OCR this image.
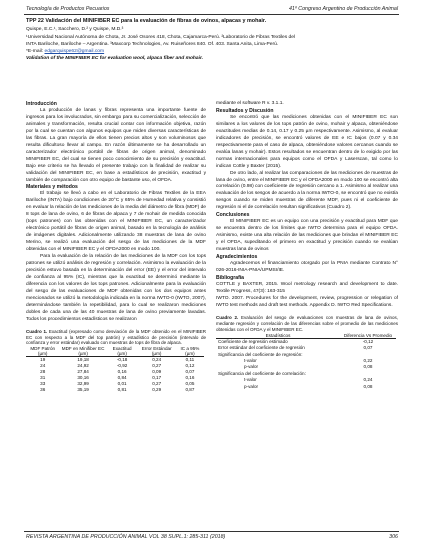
Tecnología de Productos Pecuarios	41º Congreso Argentino de Producción Animal
TPP 22 Validación del MINIFIBER EC para la evaluación de fibras de ovinos, alpacas y mohair.
Quispe, E.C.¹, Sacchero, D.² y Quispe, M.D.³
¹Universidad Nacional Autónoma de Chota, Jr. José Osores 418, Chota, Cajamarca-Perú. ²Laboratorio de Fibras Textiles del
INTA Bariloche, Bariloche – Argentina. ³Maxcorp Technologies, Av. Ruiseñores 840. Of. 403. Santa Anita, Lima-Perú.
*E-mail: edgarquispe62@gmail.com
Validation of the MINIFIBER EC for evaluation wool, alpaca fiber and mohair.
Introducción

La producción de lanas y fibras representa una importante fuente de ingresos para los involucrados, sin embargo para su comercialización, selección de animales y transformación, resulta crucial contar con información objetiva, razón por la cual se cuentan con algunos equipos que miden diversas características de las fibras. La gran mayoría de ellos tienen precios altos y son voluminosos que resulta dificultoso llevar al campo. En razón últimamente se ha desarrollado un caracterizador electrónico portátil de fibras de origen animal, denominado MINIFIBER EC, del cual se tienen poco conocimiento de su precisión y exactitud. Bajo ese criterio se ha llevado el presente trabajo con la finalidad de realizar su validación del MINIFIBER EC, en base a estadísticos de precisión, exactitud y también de comparación con otro equipo de bastante uso, el OFDA.

Materiales y métodos

El trabajo se llevó a cabo en el Laboratorio de Fibras Textiles de la EEA Bariloche (INTA) bajo condiciones de 20°C y 65% de Humedad relativa y consistió en evaluar la relación de las mediciones de la media del diámetro de fibra (MDF) de 8 tops de lana de ovino, 6 de fibras de alpaca y 7 de mohair de medida conocida (tops patrones) con las obtenidas con el MINIFIBER EC, un caracterizador electrónico portátil de fibras de origen animal, basado en la tecnología de análisis de imágenes digitales. Adicionalmente utilizando 38 muestras de lana de ovino Merino, se realizó una evaluación del sesgo de las mediciones de la MDF obtenidas con el MINIFIBER EC y el OFDA2000 en modo 100.

Para la evaluación de la relación de las mediciones de la MDF con los tops patrones se utilizó análisis de regresión y correlación. Asimismo la evaluación de la precisión estuvo basada en la determinación del error (EE) y el error del intervalo de confianza al 95% (IC), mientras que la exactitud se determinó mediante la diferencia con los valores de los tops patrones. Adicionalmente para la evaluación del sesgo de las evaluaciones de MDF obtenidas con los dos equipos antes mencionados se utilizó la metodología indicada en la norma IWTO-0 (IWTO, 2007), determinándose también la repetibilidad, para lo cual se realizaron mediciones dobles de cada una de las 40 muestras de lana de ovino previamente lavadas. Todos los procedimientos estadísticos se realizaron

Cuadro 1. Exactitud (expresado como desviación de la MDF obtenido en el MINIFIBER EC con respecto a la MDF del top patrón) y estadístico de precisión (intervalo de confianza y error estándar) evaluado con muestras de tops de fibra de alpaca.
MDF Patrón (µm)	MDF en Minifiber EC (µm)	Exactitud (µm)	Error Estándar (µm)	IC a 95% (µm)
19	19,18	-0,18	0,24	0,11
24	24,92	-0,92	0,27	0,12
28	27,84	0,16	0,09	0,07
31	30,16	0,84	0,17	0,16
33	32,99	0,01	0,27	0,05
36	35,19	0,81	0,29	0,87

mediante el software R v. 3.1.1.

Resultados y Discusión

Se encontró que las mediciones obtenidas con el MINIFIBER EC son similares a los valores de los tops patrón de ovino, mohair y alpaca, obteniéndose exactitudes medias de 0.14, 0.17 y 0.25 µm respectivamente. Asimismo, al evaluar indicadores de precisión, se encontró valores de EE e IC bajos (0.07 y 0.34 respectivamente para el caso de alpaca, obteniéndose valores cercanos cuando se evalúa lanas y mohair). Estos resultados se encuentran dentro de lo exigido por las normas internacionales para equipos como el OFDA y Laserscan, tal como lo indican Cottle y Baxter (2015).

De otro lado, al realizar las comparaciones de las mediciones de muestras de lana de ovino, entre el MINIFIBER EC y el OFDA2000 en modo 100 se encontró alta correlación (0.98) con coeficiente de regresión cercano a 1. Asimismo al realizar una evaluación de los sesgos de acuerdo a la norma IWTO-0, se encontró que no existía sesgos cuando se miden muestras de diferente MDF, pues ni el coeficiente de regresión ni el de correlación resultan significativos (Cuadro 2).

Conclusiones

El MINIFIBER EC es un equipo con una precisión y exactitud para MDF que se encuentra dentro de los límites que IWTO determina para el equipo OFDA. Asimismo, existe una alta relación de las mediciones que brindan el MINIFIBER EC y el OFDA, supeditando el primero en exactitud y precisión cuando se evalúan muestras lana de ovinos

Agradecimientos

Agradecemos el financiamiento otorgado por la PNIA mediante Contrato N° 026-2016-INIA-PNIA/UPMSI/IE.

Bibliografía

COTTLE y BAXTER, 2015. Wool metrology research and development to date. Textile Progress, 47(3): 163-315

IWTO. 2007. Procedures for the development, review, progression or relegation of IWTO test methods and draft test methods. Appendix D. IWTO Red Specifications.

Cuadro 2. Evaluación del sesgo de evaluaciones con muestras de lana de ovinos, mediante regresión y correlación de las diferencias sobre el promedio de las mediciones obtenidas con el OFDA y el MINIFIBER EC.
Estadísticos	Diferencia Vs Promedio
Coeficiente de regresión estimado	-0,12
Error estándar del coeficiente de regresión	0,07
Significancia del coeficiente de regresión:	
t-valor	0,22
p-valor	0,08
Significancia del coeficiente de correlación:	
t-valor	0,24
p-valor	0,08
REVISTA ARGENTINA DE PRODUCCIÓN ANIMAL VOL 38 SUPL.1: 285-311 (2018)	306
